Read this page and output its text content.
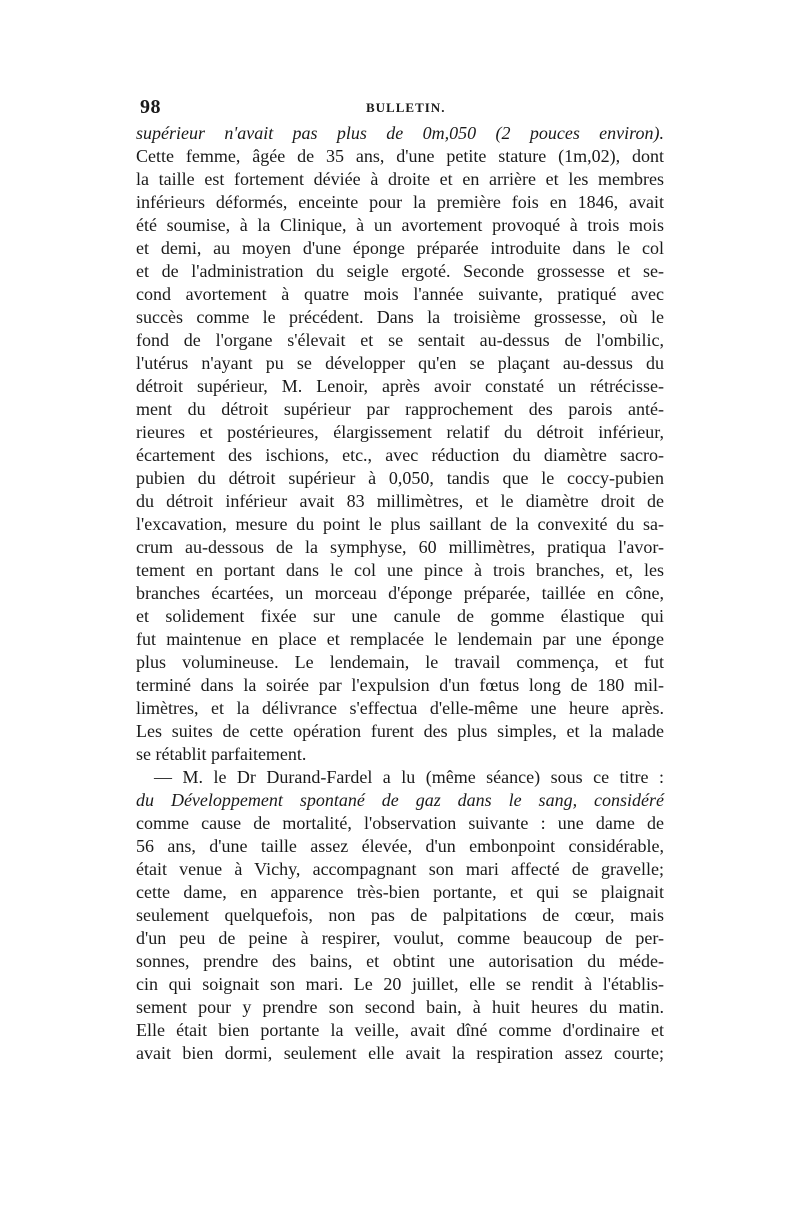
98	BULLETIN.
supérieur n'avait pas plus de 0m,050 (2 pouces environ).
Cette femme, âgée de 35 ans, d'une petite stature (1m,02), dont
la taille est fortement déviée à droite et en arrière et les membres
inférieurs déformés, enceinte pour la première fois en 1846, avait
été soumise, à la Clinique, à un avortement provoqué à trois mois
et demi, au moyen d'une éponge préparée introduite dans le col
et de l'administration du seigle ergoté. Seconde grossesse et se-
cond avortement à quatre mois l'année suivante, pratiqué avec
succès comme le précédent. Dans la troisième grossesse, où le
fond de l'organe s'élevait et se sentait au-dessus de l'ombilic,
l'utérus n'ayant pu se développer qu'en se plaçant au-dessus du
détroit supérieur, M. Lenoir, après avoir constaté un rétrécisse-
ment du détroit supérieur par rapprochement des parois anté-
rieures et postérieures, élargissement relatif du détroit inférieur,
écartement des ischions, etc., avec réduction du diamètre sacro-
pubien du détroit supérieur à 0,050, tandis que le coccy-pubien
du détroit inférieur avait 83 millimètres, et le diamètre droit de
l'excavation, mesure du point le plus saillant de la convexité du sa-
crum au-dessous de la symphyse, 60 millimètres, pratiqua l'avor-
tement en portant dans le col une pince à trois branches, et, les
branches écartées, un morceau d'éponge préparée, taillée en cône,
et solidement fixée sur une canule de gomme élastique qui
fut maintenue en place et remplacée le lendemain par une éponge
plus volumineuse. Le lendemain, le travail commença, et fut
terminé dans la soirée par l'expulsion d'un fœtus long de 180 mil-
limètres, et la délivrance s'effectua d'elle-même une heure après.
Les suites de cette opération furent des plus simples, et la malade
se rétablit parfaitement.
— M. le Dr Durand-Fardel a lu (même séance) sous ce titre :
du Développement spontané de gaz dans le sang, considéré
comme cause de mortalité, l'observation suivante : une dame de
56 ans, d'une taille assez élevée, d'un embonpoint considérable,
était venue à Vichy, accompagnant son mari affecté de gravelle;
cette dame, en apparence très-bien portante, et qui se plaignait
seulement quelquefois, non pas de palpitations de cœur, mais
d'un peu de peine à respirer, voulut, comme beaucoup de per-
sonnes, prendre des bains, et obtint une autorisation du méde-
cin qui soignait son mari. Le 20 juillet, elle se rendit à l'établis-
sement pour y prendre son second bain, à huit heures du matin.
Elle était bien portante la veille, avait dîné comme d'ordinaire et
avait bien dormi, seulement elle avait la respiration assez courte;
